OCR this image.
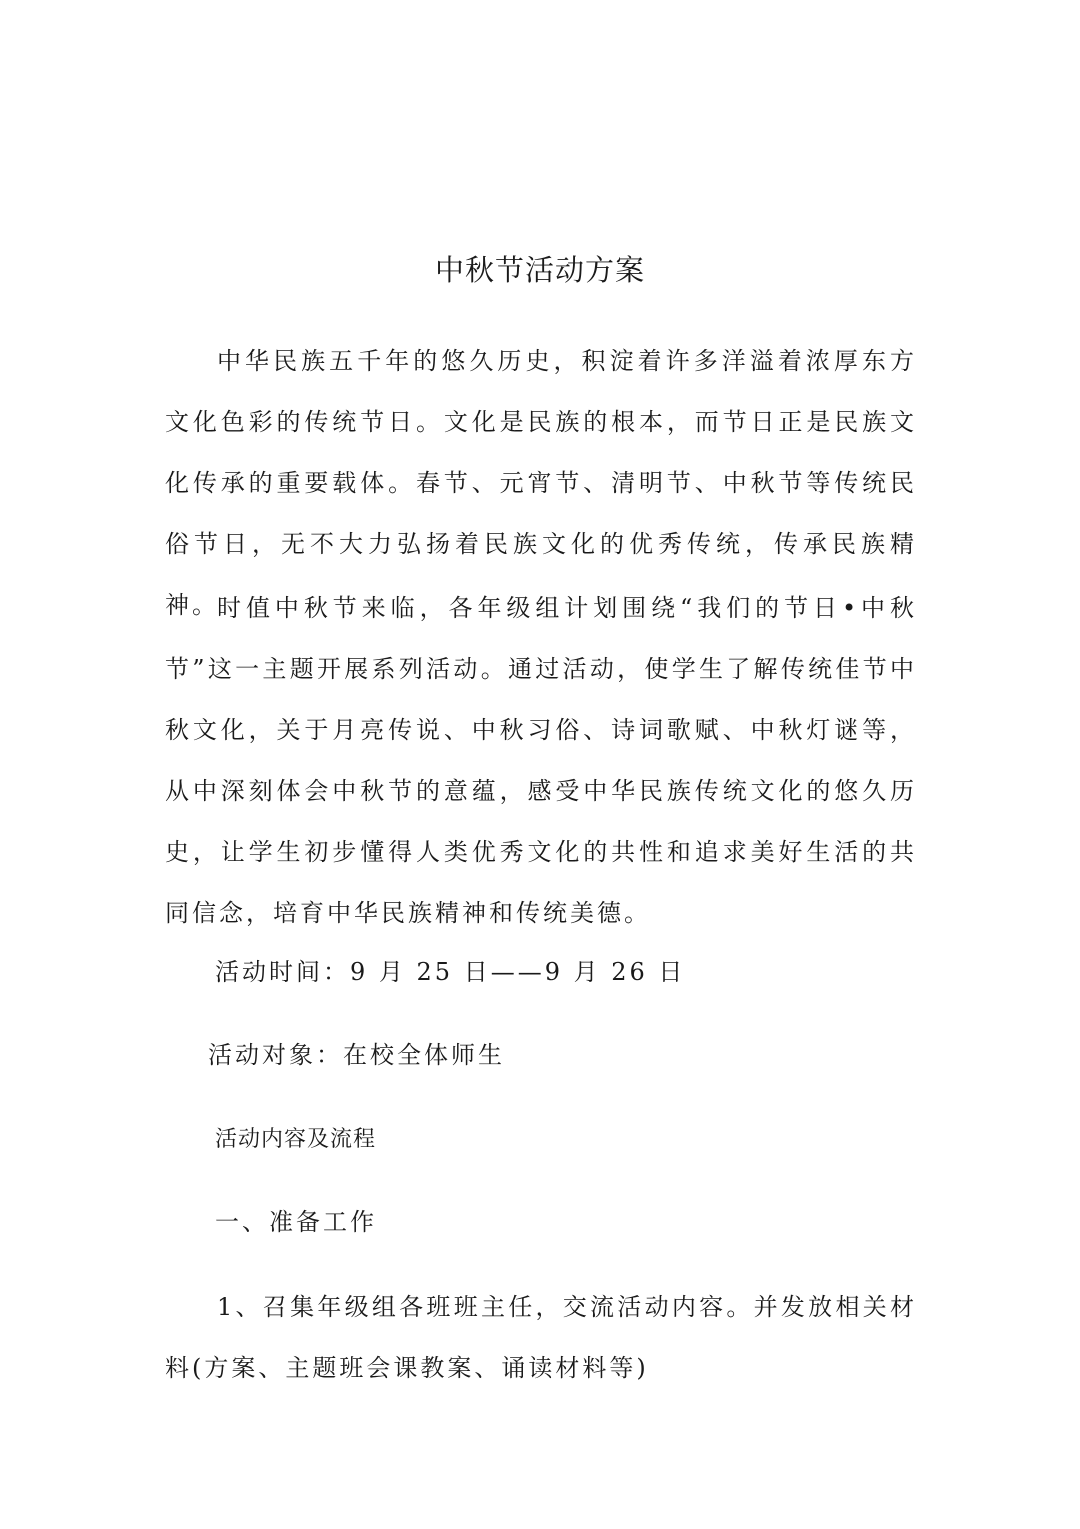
中秋节活动方案

中华民族五千年的悠久历史，积淀着许多洋溢着浓厚东方文化色彩的传统节日。文化是民族的根本，而节日正是民族文化传承的重要载体。春节、元宵节、清明节、中秋节等传统民俗节日，无不大力弘扬着民族文化的优秀传统，传承民族精神。

时值中秋节来临，各年级组计划围绕“我们的节日•中秋节”这一主题开展系列活动。通过活动，使学生了解传统佳节中秋文化，关于月亮传说、中秋习俗、诗词歌赋、中秋灯谜等，从中深刻体会中秋节的意蕴，感受中华民族传统文化的悠久历史，让学生初步懂得人类优秀文化的共性和追求美好生活的共同信念，培育中华民族精神和传统美德。

活动时间：9 月 25 日——9 月 26 日
活动对象：在校全体师生
活动内容及流程
一、准备工作

1、召集年级组各班班主任，交流活动内容。并发放相关材料(方案、主题班会课教案、诵读材料等)
